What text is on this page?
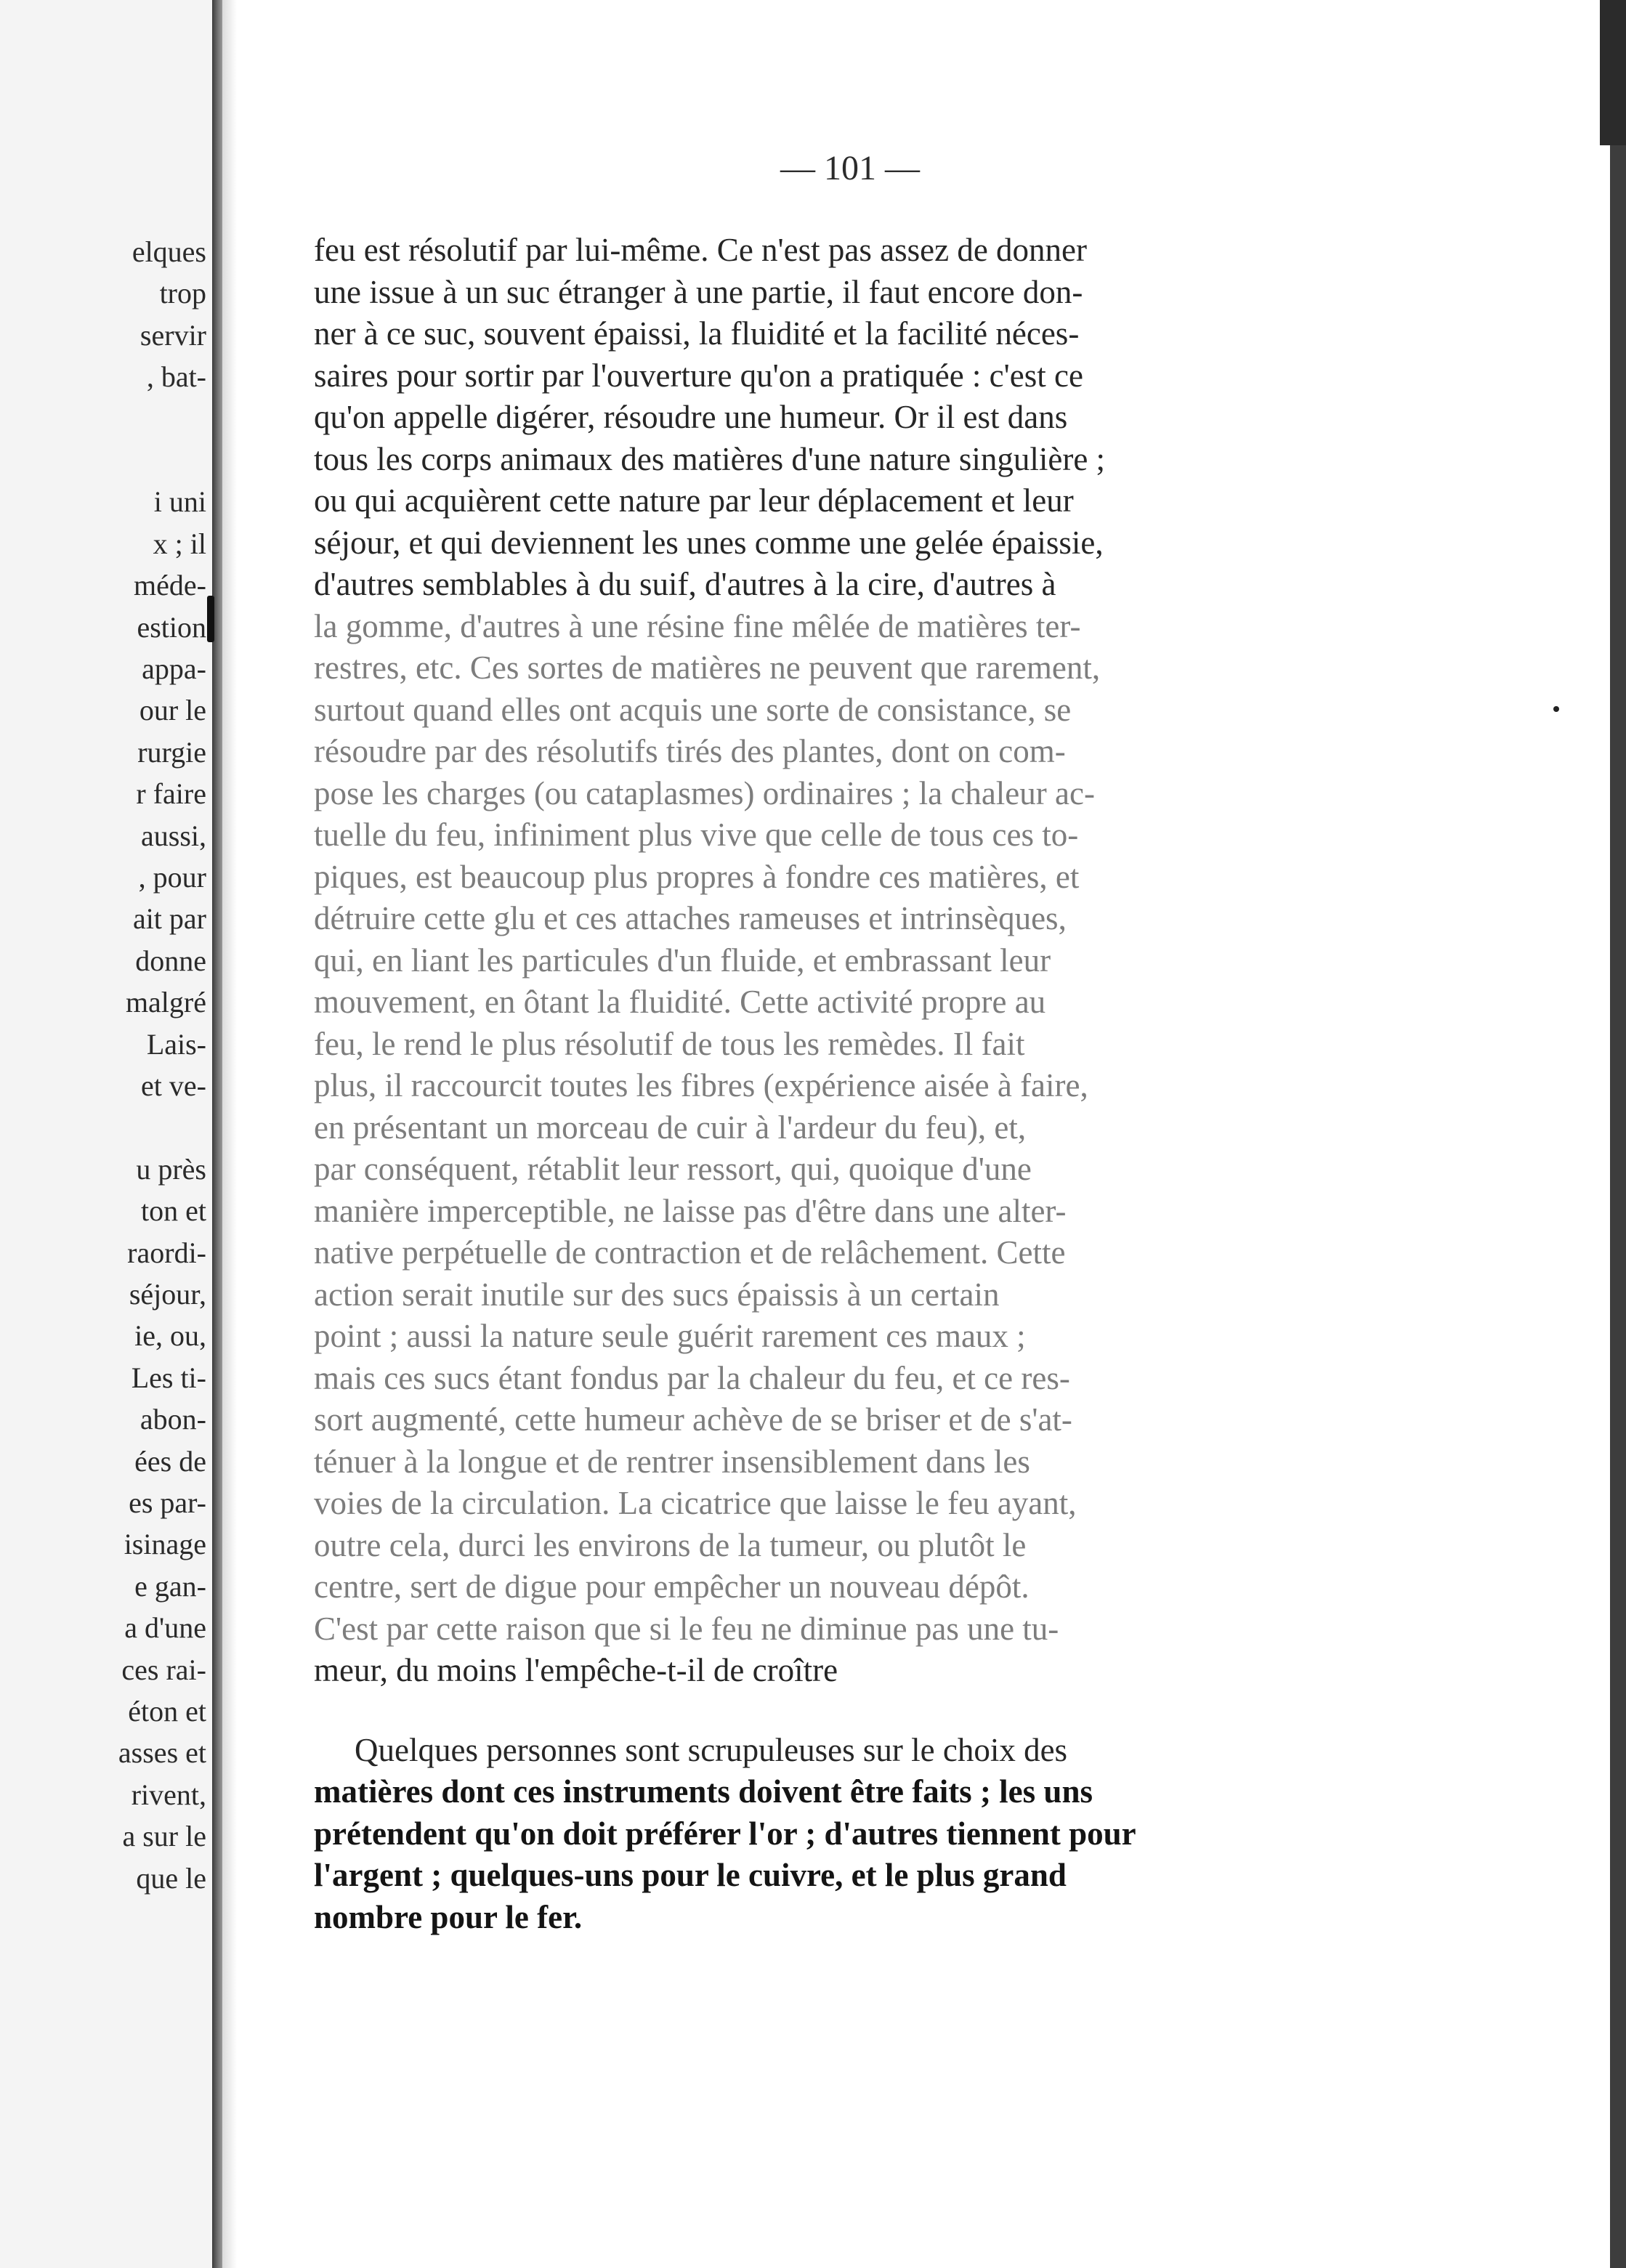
elques
trop
servir
, bat-
i uni
x ; il
méde-
estion
appa-
our le
rurgie
r faire
aussi,
, pour
ait par
donne
malgré
Lais-
et ve-
u près
ton et
raordi-
séjour,
ie, ou,
Les ti-
abon-
ées de
es par-
isinage
e gan-
a d'une
ces rai-
éton et
asses et
rivent,
a sur le
que le
— 101 —
feu est résolutif par lui-même. Ce n'est pas assez de donner
une issue à un suc étranger à une partie, il faut encore don-
ner à ce suc, souvent épaissi, la fluidité et la facilité néces-
saires pour sortir par l'ouverture qu'on a pratiquée : c'est ce
qu'on appelle digérer, résoudre une humeur. Or il est dans
tous les corps animaux des matières d'une nature singulière ;
ou qui acquièrent cette nature par leur déplacement et leur
séjour, et qui deviennent les unes comme une gelée épaissie,
d'autres semblables à du suif, d'autres à la cire, d'autres à
la gomme, d'autres à une résine fine mêlée de matières ter-
restres, etc. Ces sortes de matières ne peuvent que rarement,
surtout quand elles ont acquis une sorte de consistance, se
résoudre par des résolutifs tirés des plantes, dont on com-
pose les charges (ou cataplasmes) ordinaires ; la chaleur ac-
tuelle du feu, infiniment plus vive que celle de tous ces to-
piques, est beaucoup plus propres à fondre ces matières, et
détruire cette glu et ces attaches rameuses et intrinsèques,
qui, en liant les particules d'un fluide, et embrassant leur
mouvement, en ôtant la fluidité. Cette activité propre au
feu, le rend le plus résolutif de tous les remèdes. Il fait
plus, il raccourcit toutes les fibres (expérience aisée à faire,
en présentant un morceau de cuir à l'ardeur du feu), et,
par conséquent, rétablit leur ressort, qui, quoique d'une
manière imperceptible, ne laisse pas d'être dans une alter-
native perpétuelle de contraction et de relâchement. Cette
action serait inutile sur des sucs épaissis à un certain
point ; aussi la nature seule guérit rarement ces maux ;
mais ces sucs étant fondus par la chaleur du feu, et ce res-
sort augmenté, cette humeur achève de se briser et de s'at-
ténuer à la longue et de rentrer insensiblement dans les
voies de la circulation. La cicatrice que laisse le feu ayant,
outre cela, durci les environs de la tumeur, ou plutôt le
centre, sert de digue pour empêcher un nouveau dépôt.
C'est par cette raison que si le feu ne diminue pas une tu-
meur, du moins l'empêche-t-il de croître
Quelques personnes sont scrupuleuses sur le choix des
matières dont ces instruments doivent être faits ; les uns
prétendent qu'on doit préférer l'or ; d'autres tiennent pour
l'argent ; quelques-uns pour le cuivre, et le plus grand
nombre pour le fer.
